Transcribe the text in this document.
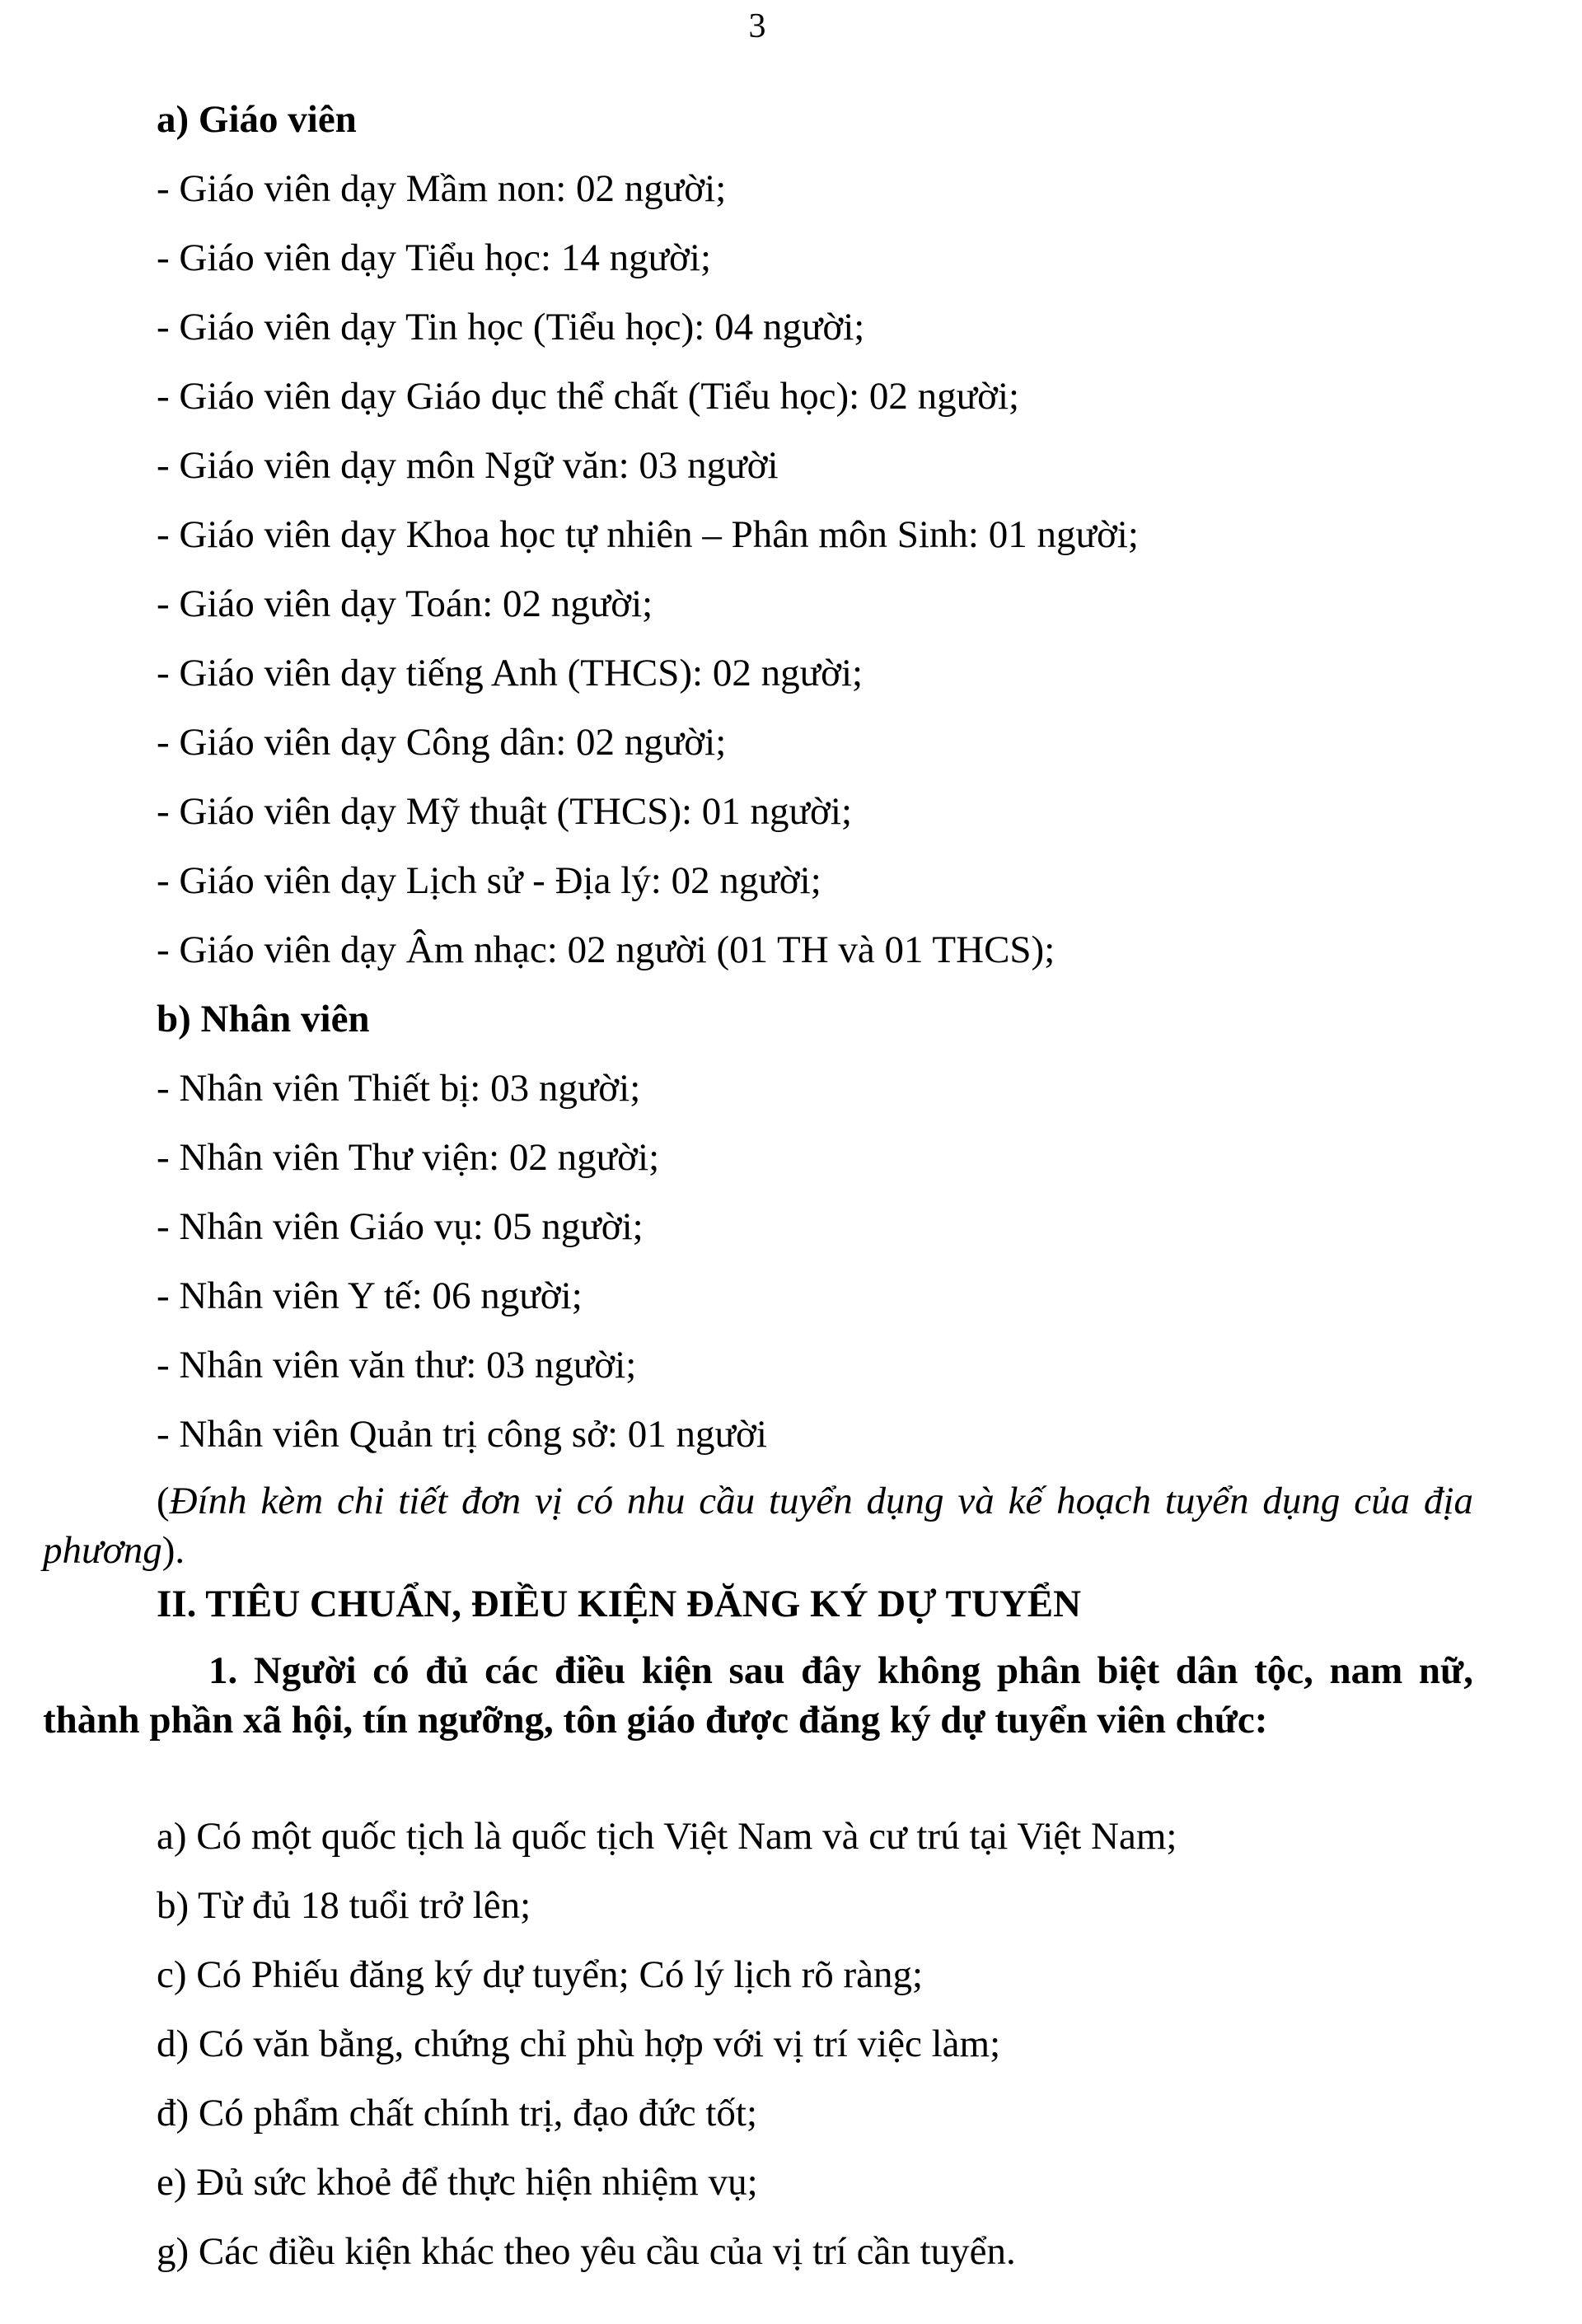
3

a) Giáo viên

- Giáo viên dạy Mầm non: 02 người;

- Giáo viên dạy Tiểu học: 14 người;

- Giáo viên dạy Tin học (Tiểu học): 04 người;

- Giáo viên dạy Giáo dục thể chất (Tiểu học): 02 người;

- Giáo viên dạy môn Ngữ văn: 03 người

- Giáo viên dạy Khoa học tự nhiên – Phân môn Sinh: 01 người;

- Giáo viên dạy Toán: 02 người;

- Giáo viên dạy tiếng Anh (THCS): 02 người;

- Giáo viên dạy Công dân: 02 người;

- Giáo viên dạy Mỹ thuật (THCS): 01 người;

- Giáo viên dạy Lịch sử - Địa lý: 02 người;

- Giáo viên dạy Âm nhạc: 02 người (01 TH và 01 THCS);

b) Nhân viên

- Nhân viên Thiết bị: 03 người;

- Nhân viên Thư viện: 02 người;

- Nhân viên Giáo vụ: 05 người;

- Nhân viên Y tế: 06 người;

- Nhân viên văn thư: 03 người;

- Nhân viên Quản trị công sở: 01 người

(Đính kèm chi tiết đơn vị có nhu cầu tuyển dụng và kế hoạch tuyển dụng của địa phương).

II. TIÊU CHUẨN, ĐIỀU KIỆN ĐĂNG KÝ DỰ TUYỂN

1. Người có đủ các điều kiện sau đây không phân biệt dân tộc, nam nữ, thành phần xã hội, tín ngưỡng, tôn giáo được đăng ký dự tuyển viên chức:

a) Có một quốc tịch là quốc tịch Việt Nam và cư trú tại Việt Nam;

b) Từ đủ 18 tuổi trở lên;

c) Có Phiếu đăng ký dự tuyển; Có lý lịch rõ ràng;

d) Có văn bằng, chứng chỉ phù hợp với vị trí việc làm;

đ) Có phẩm chất chính trị, đạo đức tốt;

e) Đủ sức khoẻ để thực hiện nhiệm vụ;

g) Các điều kiện khác theo yêu cầu của vị trí cần tuyển.
